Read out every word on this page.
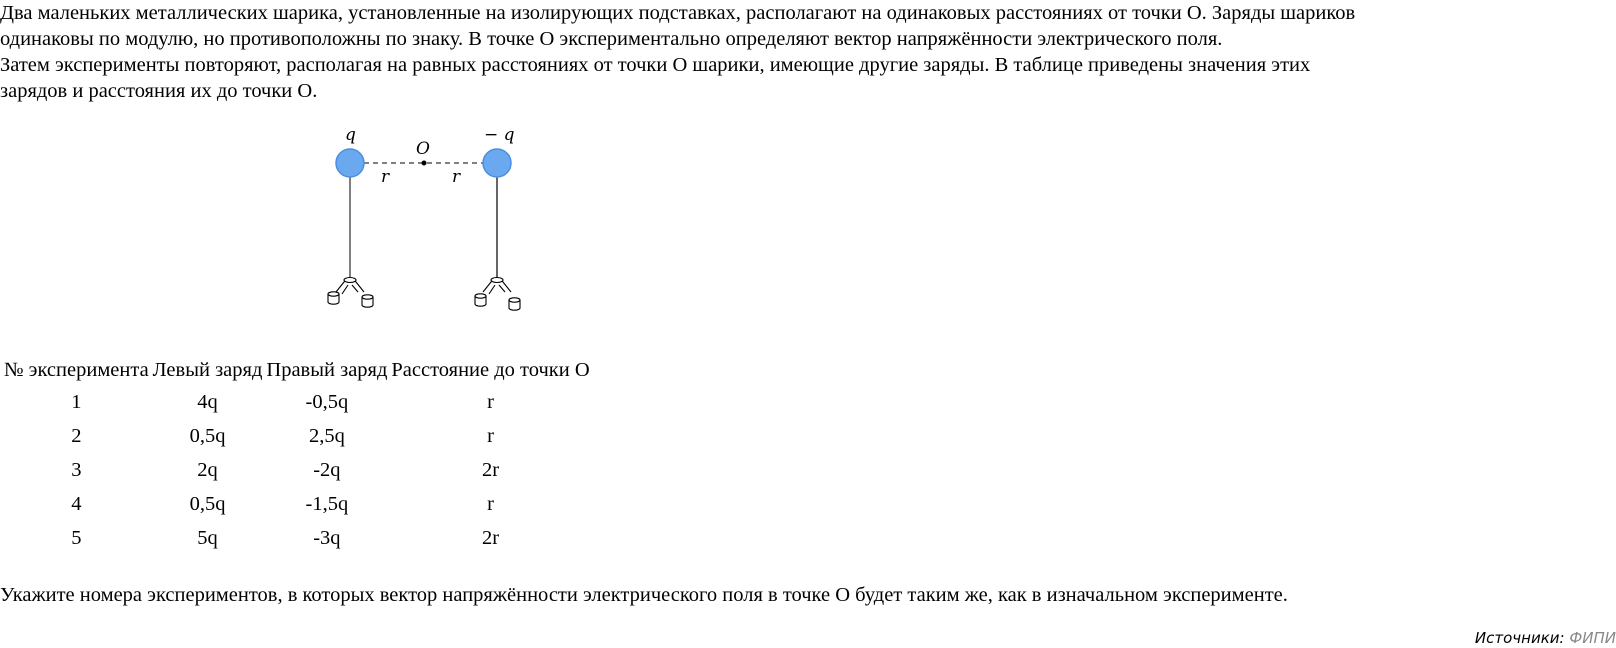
Два маленьких металлических шарика, установленные на изолирующих подставках, располагают на одинаковых расстояниях от точки О. Заряды шариков

одинаковы по модулю, но противоположны по знаку. В точке О экспериментально определяют вектор напряжённости электрического поля.

Затем эксперименты повторяют, располагая на равных расстояниях от точки О шарики, имеющие другие заряды. В таблице приведены значения этих

зарядов и расстояния их до точки О.

q	− q
O
r	r
№ эксперимента	Левый заряд	Правый заряд	Расстояние до точки О
1	4q	-0,5q	r
2	0,5q	2,5q	r
3	2q	-2q	2r
4	0,5q	-1,5q	r
5	5q	-3q	2r

Укажите номера экспериментов, в которых вектор напряжённости электрического поля в точке О будет таким же, как в изначальном эксперименте.

Источники: ФИПИ
